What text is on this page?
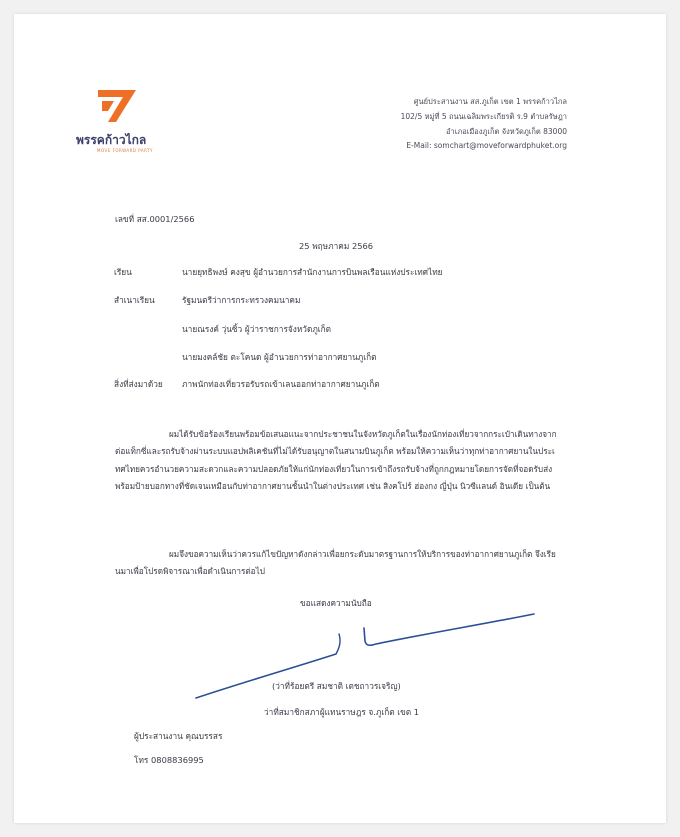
พรรคก้าวไกล
MOVE FORWARD PARTY
ศูนย์ประสานงาน สส.ภูเก็ต เขต 1 พรรคก้าวไกล
102/5 หมู่ที่ 5 ถนนเฉลิมพระเกียรติ ร.9 ตำบลรัษฎา
อำเภอเมืองภูเก็ต จังหวัดภูเก็ต 83000
E-Mail: somchart@moveforwardphuket.org
เลขที่ สส.0001/2566
25 พฤษภาคม 2566
เรียน	นายยุทธิพงษ์ คงสุข ผู้อำนวยการสำนักงานการบินพลเรือนแห่งประเทศไทย
สำเนาเรียน	รัฐมนตรีว่าการกระทรวงคมนาคม
นายณรงค์ วุ่นซิ้ว ผู้ว่าราชการจังหวัดภูเก็ต
นายมงคล์ชัย ตะโคนด ผู้อำนวยการท่าอากาศยานภูเก็ต
สิ่งที่ส่งมาด้วย ภาพนักท่องเที่ยวรอรับรถเข้าเลนออกท่าอากาศยานภูเก็ต
ผมได้รับข้อร้องเรียนพร้อมข้อเสนอแนะจากประชาชนในจังหวัดภูเก็ตในเรื่องนักท่องเที่ยวจากกระเป๋าเดินทางจากต่อแท็กซี่และรถรับจ้างผ่านระบบแอปพลิเคชันที่ไม่ได้รับอนุญาตในสนามบินภูเก็ต พร้อมให้ความเห็นว่าทุกท่าอากาศยานในประเทศไทยควรอำนวยความสะดวกและความปลอดภัยให้แก่นักท่องเที่ยวในการเข้าถึงรถรับจ้างที่ถูกกฎหมายโดยการจัดที่จอดรับส่งพร้อมป้ายบอกทางที่ชัดเจนเหมือนกับท่าอากาศยานชั้นนำในต่างประเทศ เช่น สิงคโปร์ ฮ่องกง ญี่ปุ่น นิวซีแลนด์ อินเดีย เป็นต้น
ผมจึงขอความเห็นว่าควรแก้ไขปัญหาดังกล่าวเพื่อยกระดับมาตรฐานการให้บริการของท่าอากาศยานภูเก็ต จึงเรียนมาเพื่อโปรดพิจารณาเพื่อดำเนินการต่อไป
ขอแสดงความนับถือ
(ว่าที่ร้อยตรี สมชาติ เตชถาวรเจริญ)
ว่าที่สมาชิกสภาผู้แทนราษฎร จ.ภูเก็ต เขต 1
ผู้ประสานงาน คุณบรรสร
โทร 0808836995
